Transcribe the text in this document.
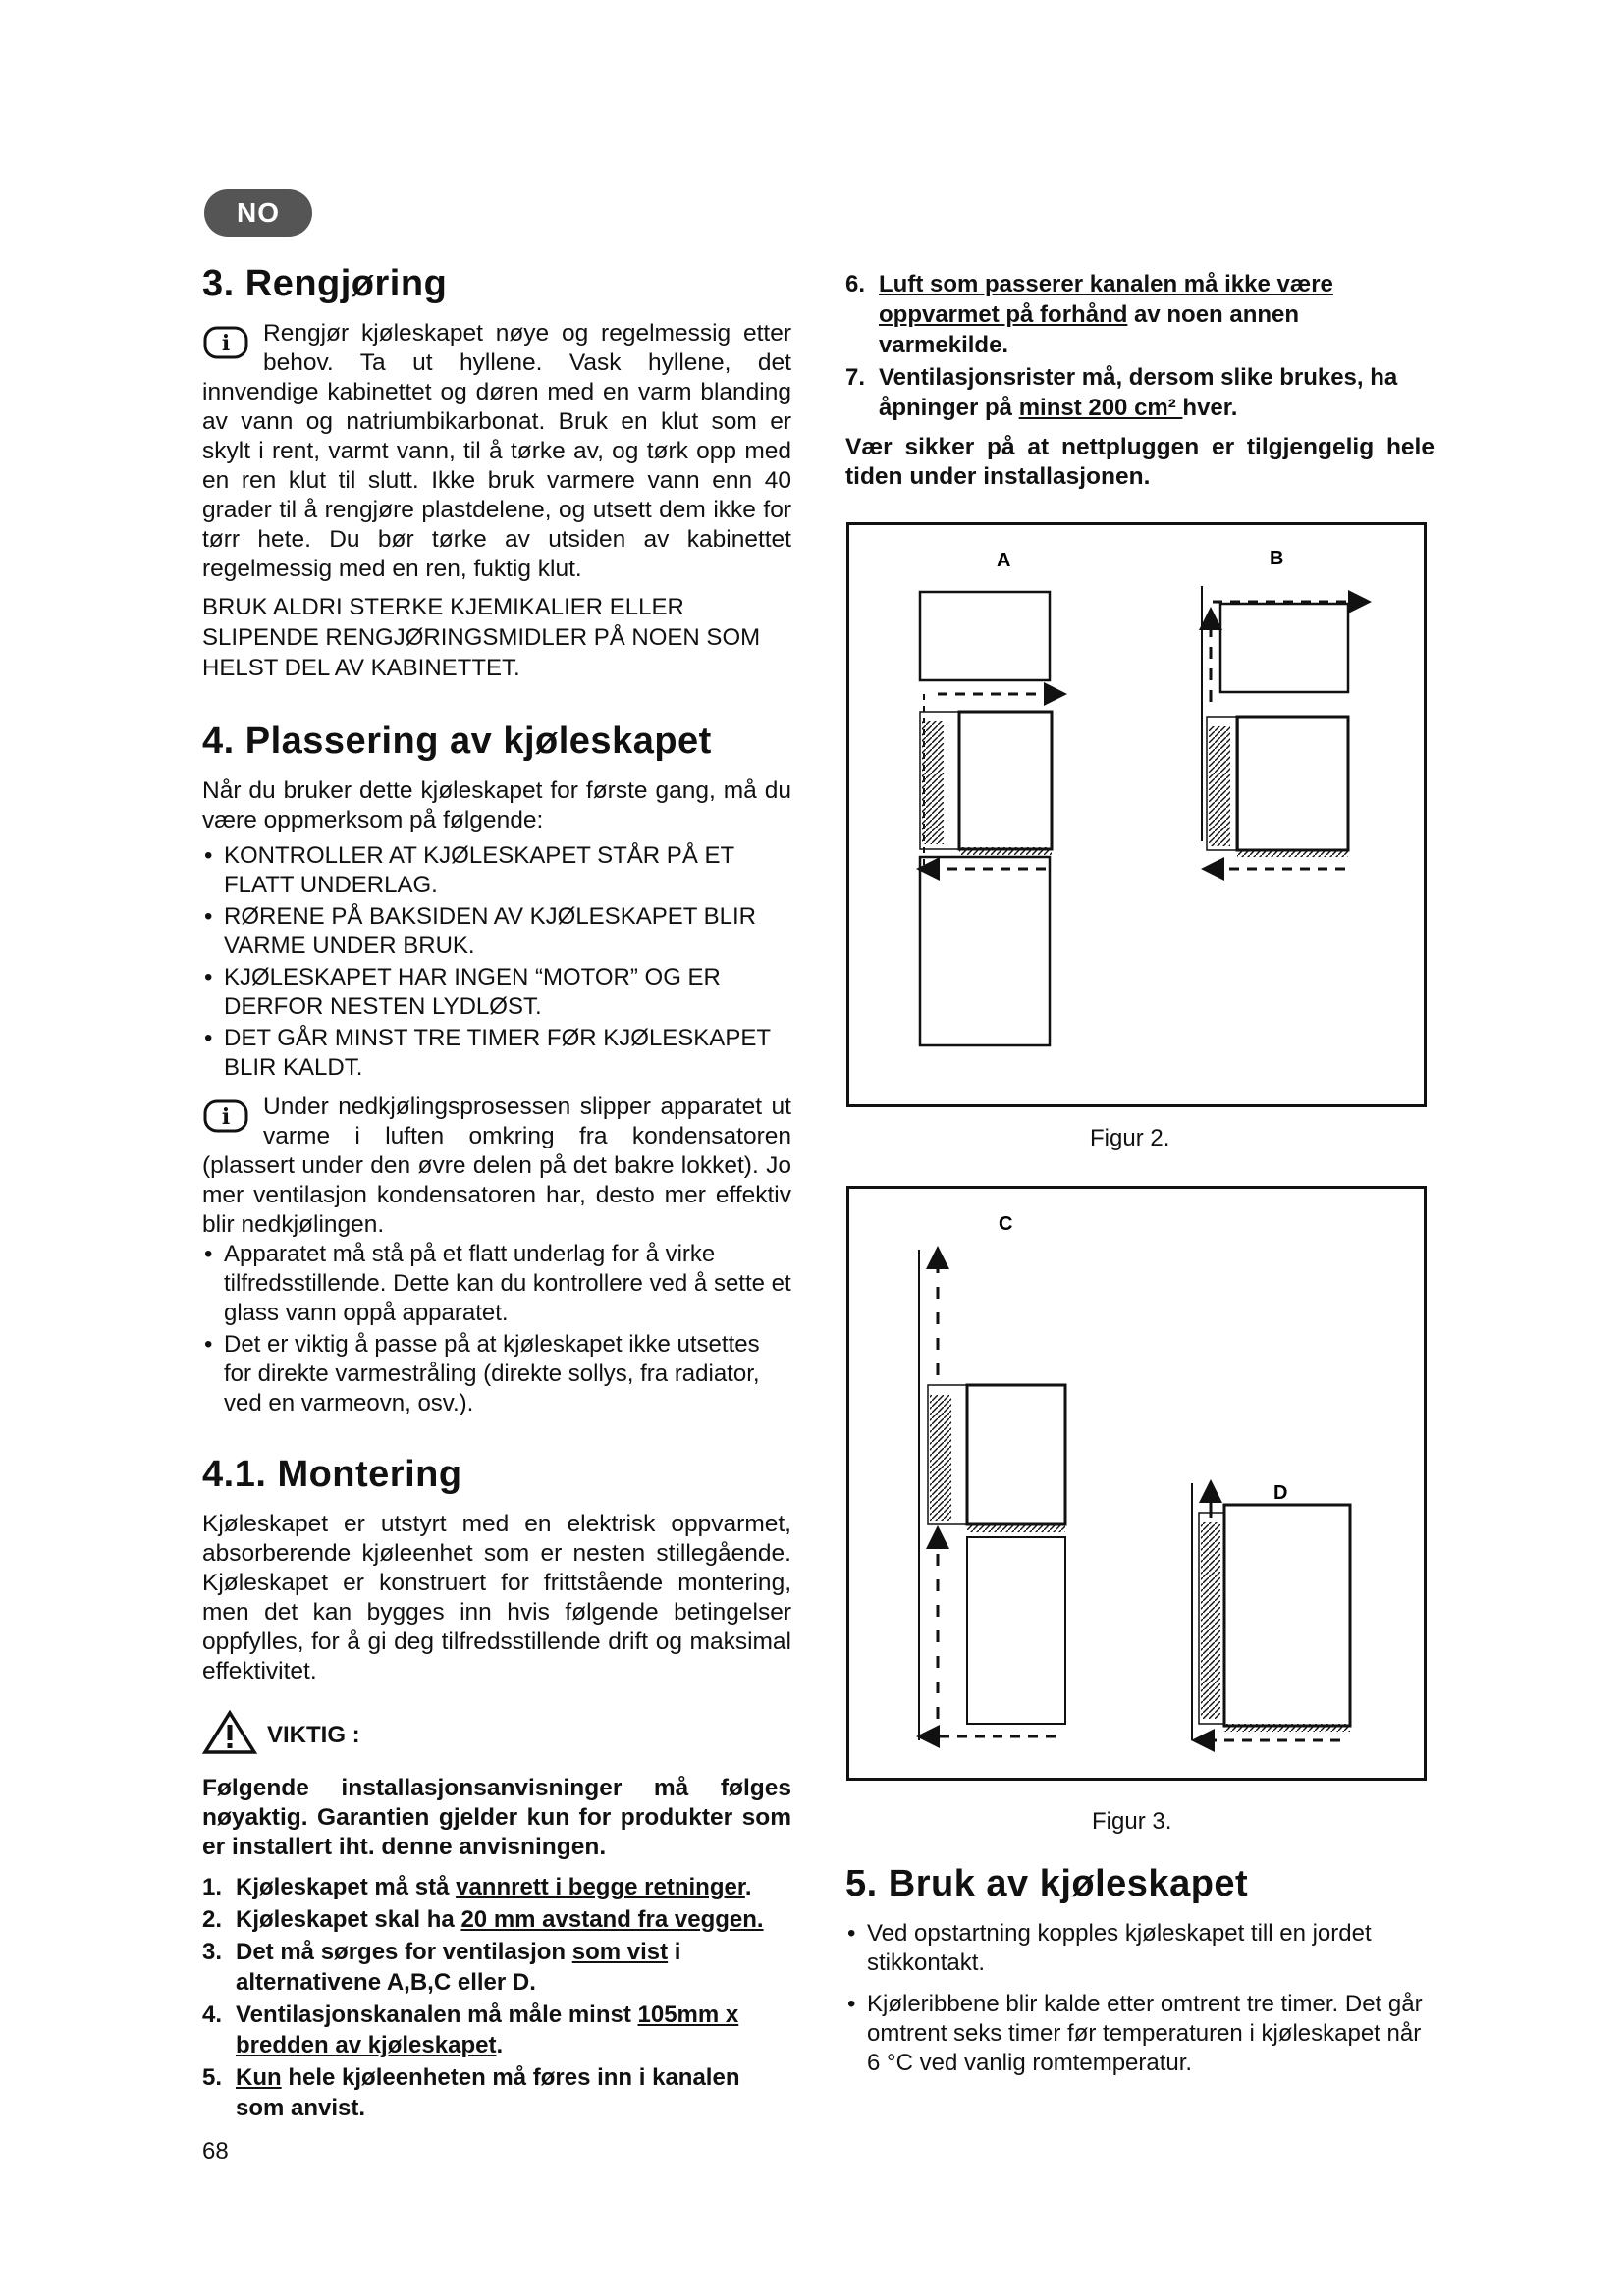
NO
3. Rengjøring
i	Rengjør kjøleskapet nøye og regelmessig etter behov. Ta ut hyllene. Vask hyllene, det innvendige kabinettet og døren med en varm blanding av vann og natriumbikarbonat. Bruk en klut som er skylt i rent, varmt vann, til å tørke av, og tørk opp med en ren klut til slutt. Ikke bruk varmere vann enn 40 grader til å rengjøre plastdelene, og utsett dem ikke for tørr hete. Du bør tørke av utsiden av kabinettet regelmessig med en ren, fuktig klut.

BRUK ALDRI STERKE KJEMIKALIER ELLER SLIPENDE RENGJØRINGSMIDLER PÅ NOEN SOM HELST DEL AV KABINETTET.

4. Plassering av kjøleskapet

Når du bruker dette kjøleskapet for første gang, må du være oppmerksom på følgende:

• KONTROLLER AT KJØLESKAPET STÅR PÅ ET FLATT UNDERLAG.
• RØRENE PÅ BAKSIDEN AV KJØLESKAPET BLIR VARME UNDER BRUK.
• KJØLESKAPET HAR INGEN “MOTOR” OG ER DERFOR NESTEN LYDLØST.
• DET GÅR MINST TRE TIMER FØR KJØLESKAPET BLIR KALDT.
i	Under nedkjølingsprosessen slipper apparatet ut varme i luften omkring fra kondensatoren (plassert under den øvre delen på det bakre lokket). Jo mer ventilasjon kondensatoren har, desto mer effektiv blir nedkjølingen.

• Apparatet må stå på et flatt underlag for å virke tilfredsstillende. Dette kan du kontrollere ved å sette et glass vann oppå apparatet.
• Det er viktig å passe på at kjøleskapet ikke utsettes for direkte varmestråling (direkte sollys, fra radiator, ved en varmeovn, osv.).
4.1. Montering

Kjøleskapet er utstyrt med en elektrisk oppvarmet, absorberende kjøleenhet som er nesten stillegående. Kjøleskapet er konstruert for frittstående montering, men det kan bygges inn hvis følgende betingelser oppfylles, for å gi deg tilfredsstillende drift og maksimal effektivitet.

VIKTIG :

Følgende installasjonsanvisninger må følges nøyaktig. Garantien gjelder kun for produkter som er installert iht. denne anvisningen.

1. Kjøleskapet må stå vannrett i begge retninger.
2. Kjøleskapet skal ha 20 mm avstand fra veggen.
3. Det må sørges for ventilasjon som vist i alternativene A,B,C eller D.
4. Ventilasjonskanalen må måle minst 105mm x bredden av kjøleskapet.
5. Kun hele kjøleenheten må føres inn i kanalen som anvist.
68
6. Luft som passerer kanalen må ikke være oppvarmet på forhånd av noen annen varmekilde.
7. Ventilasjonsrister må, dersom slike brukes, ha åpninger på minst 200 cm² hver.

Vær sikker på at nettpluggen er tilgjengelig hele tiden under installasjonen.

A	B
Figur 2.
C
D
Figur 3.
5. Bruk av kjøleskapet
• Ved opstartning kopples kjøleskapet till en jordet stikkontakt.
• Kjøleribbene blir kalde etter omtrent tre timer. Det går omtrent seks timer før temperaturen i kjøleskapet når 6 °C ved vanlig romtemperatur.
